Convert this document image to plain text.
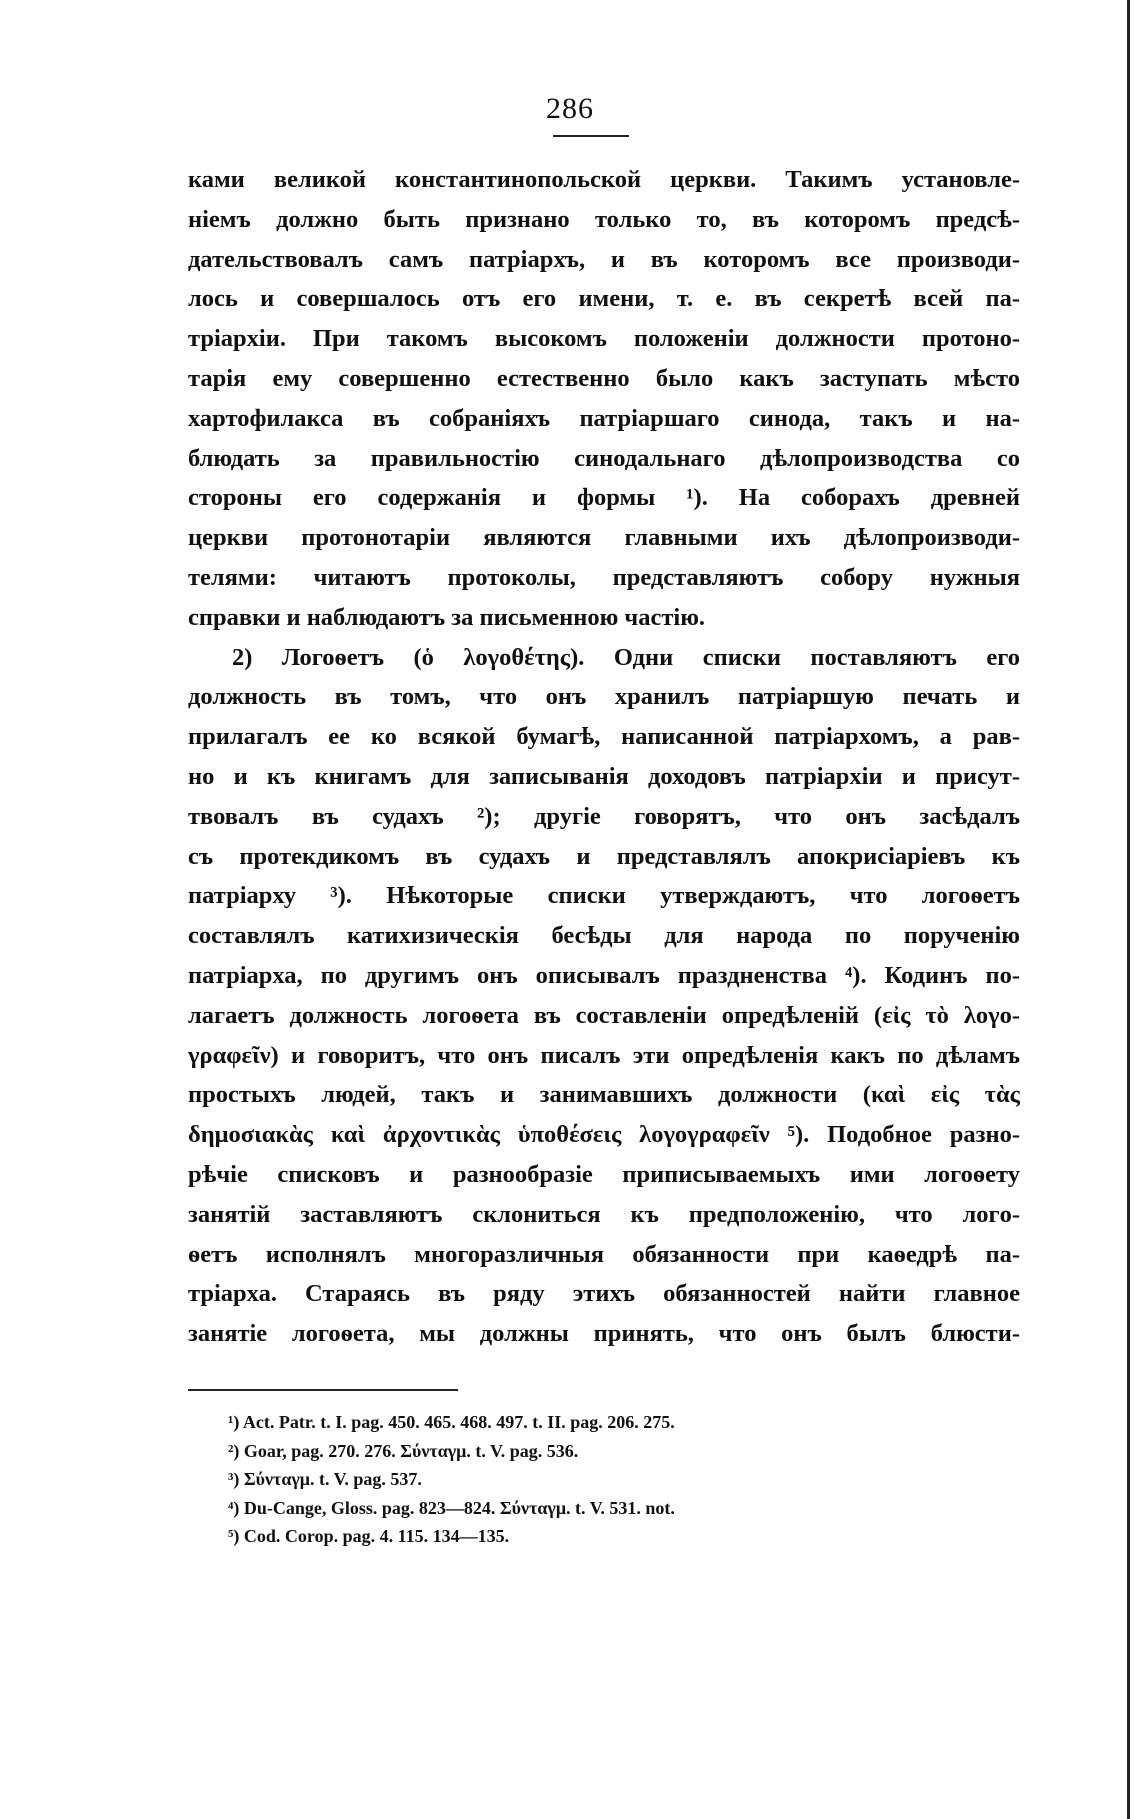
286
ками великой константинопольской церкви. Такимъ установле-
ніемъ должно быть признано только то, въ которомъ предсѣ-
дательствовалъ самъ патріархъ, и въ которомъ все производи-
лось и совершалось отъ его имени, т. е. въ секретѣ всей па-
тріархіи. При такомъ высокомъ положеніи должности протоно-
тарія ему совершенно естественно было какъ заступать мѣсто
хартофилакса въ собраніяхъ патріаршаго синода, такъ и на-
блюдать за правильностію синодальнаго дѣлопроизводства со
стороны его содержанія и формы ¹). На соборахъ древней
церкви протонотаріи являются главными ихъ дѣлопроизводи-
телями: читаютъ протоколы, представляютъ собору нужныя
справки и наблюдаютъ за письменною частію.
2) Логоѳетъ (ὁ λογοθέτης). Одни списки поставляютъ его
должность въ томъ, что онъ хранилъ патріаршую печать и
прилагалъ ее ко всякой бумагѣ, написанной патріархомъ, а рав-
но и къ книгамъ для записыванія доходовъ патріархіи и присут-
твовалъ въ судахъ ²); другіе говорятъ, что онъ засѣдалъ
съ протекдикомъ въ судахъ и представлялъ апокрисіаріевъ къ
патріарху ³). Нѣкоторые списки утверждаютъ, что логоѳетъ
составлялъ катихизическія бесѣды для народа по порученію
патріарха, по другимъ онъ описывалъ праздненства ⁴). Кодинъ по-
лагаетъ должность логоѳета въ составленіи опредѣленій (εἰς τὸ λογο-
γραφεῖν) и говоритъ, что онъ писалъ эти опредѣленія какъ по дѣламъ
простыхъ людей, такъ и занимавшихъ должности (καὶ εἰς τὰς
δημοσιακὰς καὶ ἀρχοντικὰς ὑποθέσεις λογογραφεῖν ⁵). Подобное разно-
рѣчіе списковъ и разнообразіе приписываемыхъ ими логоѳету
занятій заставляютъ склониться къ предположенію, что логo-
ѳетъ исполнялъ многоразличныя обязанности при каѳедрѣ па-
тріарха. Стараясь въ ряду этихъ обязанностей найти главное
занятіе логоѳета, мы должны принять, что онъ былъ блюсти-
¹) Act. Patr. t. I. pag. 450. 465. 468. 497. t. II. pag. 206. 275.
²) Goar, pag. 270. 276. Σύνταγμ. t. V. pag. 536.
³) Σύνταγμ. t. V. pag. 537.
⁴) Du-Cange, Gloss. pag. 823—824. Σύνταγμ. t. V. 531. not.
⁵) Cod. Corop. pag. 4. 115. 134—135.
